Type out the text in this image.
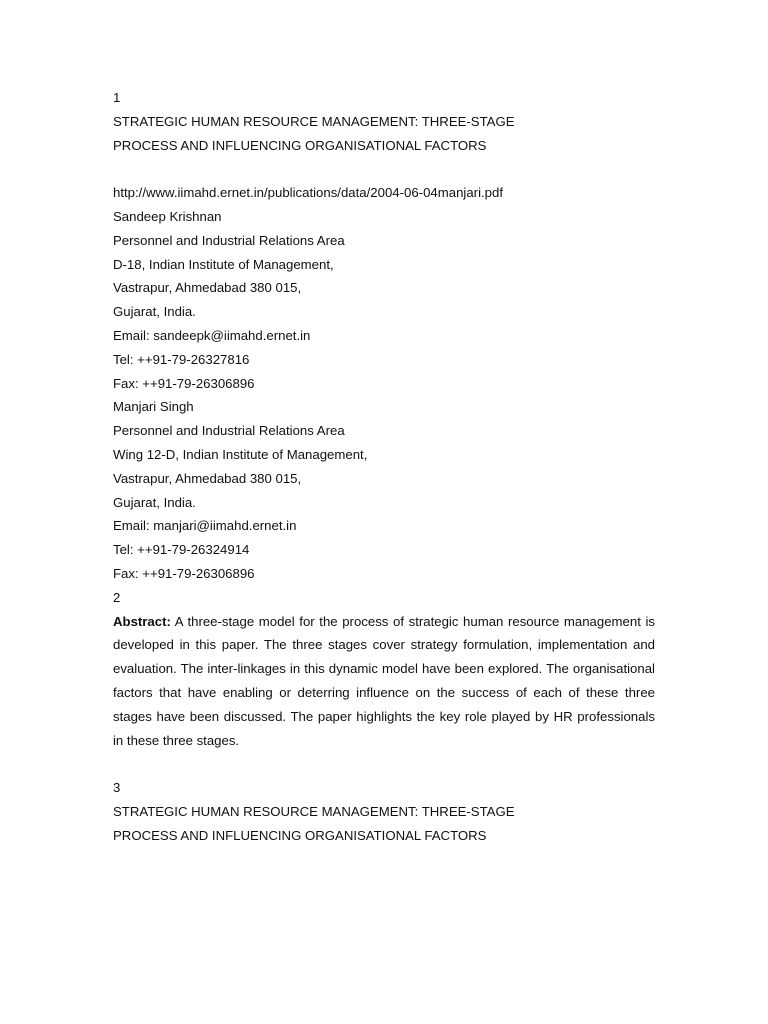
1
STRATEGIC HUMAN RESOURCE MANAGEMENT: THREE-STAGE
PROCESS AND INFLUENCING ORGANISATIONAL FACTORS
http://www.iimahd.ernet.in/publications/data/2004-06-04manjari.pdf
Sandeep Krishnan
Personnel and Industrial Relations Area
D-18, Indian Institute of Management,
Vastrapur, Ahmedabad 380 015,
Gujarat, India.
Email: sandeepk@iimahd.ernet.in
Tel: ++91-79-26327816
Fax: ++91-79-26306896
Manjari Singh
Personnel and Industrial Relations Area
Wing 12-D, Indian Institute of Management,
Vastrapur, Ahmedabad 380 015,
Gujarat, India.
Email: manjari@iimahd.ernet.in
Tel: ++91-79-26324914
Fax: ++91-79-26306896
2

Abstract: A three-stage model for the process of strategic human resource management is developed in this paper. The three stages cover strategy formulation, implementation and evaluation. The inter-linkages in this dynamic model have been explored. The organisational factors that have enabling or deterring influence on the success of each of these three stages have been discussed. The paper highlights the key role played by HR professionals in these three stages.

3
STRATEGIC HUMAN RESOURCE MANAGEMENT: THREE-STAGE
PROCESS AND INFLUENCING ORGANISATIONAL FACTORS
